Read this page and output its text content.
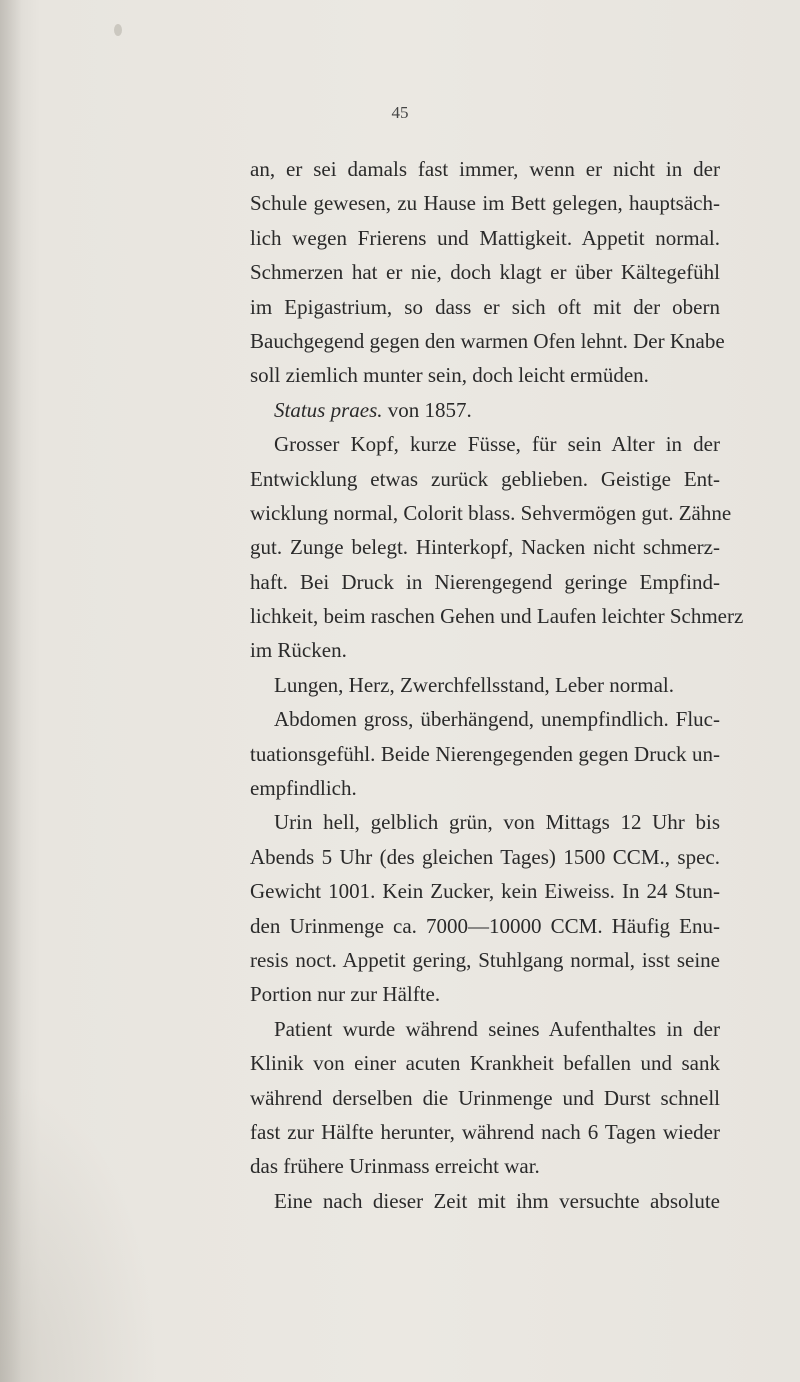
45
an, er sei damals fast immer, wenn er nicht in der
Schule gewesen, zu Hause im Bett gelegen, hauptsäch-
lich wegen Frierens und Mattigkeit. Appetit normal.
Schmerzen hat er nie, doch klagt er über Kältegefühl
im Epigastrium, so dass er sich oft mit der obern
Bauchgegend gegen den warmen Ofen lehnt. Der Knabe
soll ziemlich munter sein, doch leicht ermüden.
Status praes. von 1857.
Grosser Kopf, kurze Füsse, für sein Alter in der
Entwicklung etwas zurück geblieben. Geistige Ent-
wicklung normal, Colorit blass. Sehvermögen gut. Zähne
gut. Zunge belegt. Hinterkopf, Nacken nicht schmerz-
haft. Bei Druck in Nierengegend geringe Empfind-
lichkeit, beim raschen Gehen und Laufen leichter Schmerz
im Rücken.
Lungen, Herz, Zwerchfellsstand, Leber normal.
Abdomen gross, überhängend, unempfindlich. Fluc-
tuationsgefühl. Beide Nierengegenden gegen Druck un-
empfindlich.
Urin hell, gelblich grün, von Mittags 12 Uhr bis
Abends 5 Uhr (des gleichen Tages) 1500 CCM., spec.
Gewicht 1001. Kein Zucker, kein Eiweiss. In 24 Stun-
den Urinmenge ca. 7000—10000 CCM. Häufig Enu-
resis noct. Appetit gering, Stuhlgang normal, isst seine
Portion nur zur Hälfte.
Patient wurde während seines Aufenthaltes in der
Klinik von einer acuten Krankheit befallen und sank
während derselben die Urinmenge und Durst schnell
fast zur Hälfte herunter, während nach 6 Tagen wieder
das frühere Urinmass erreicht war.
Eine nach dieser Zeit mit ihm versuchte absolute
